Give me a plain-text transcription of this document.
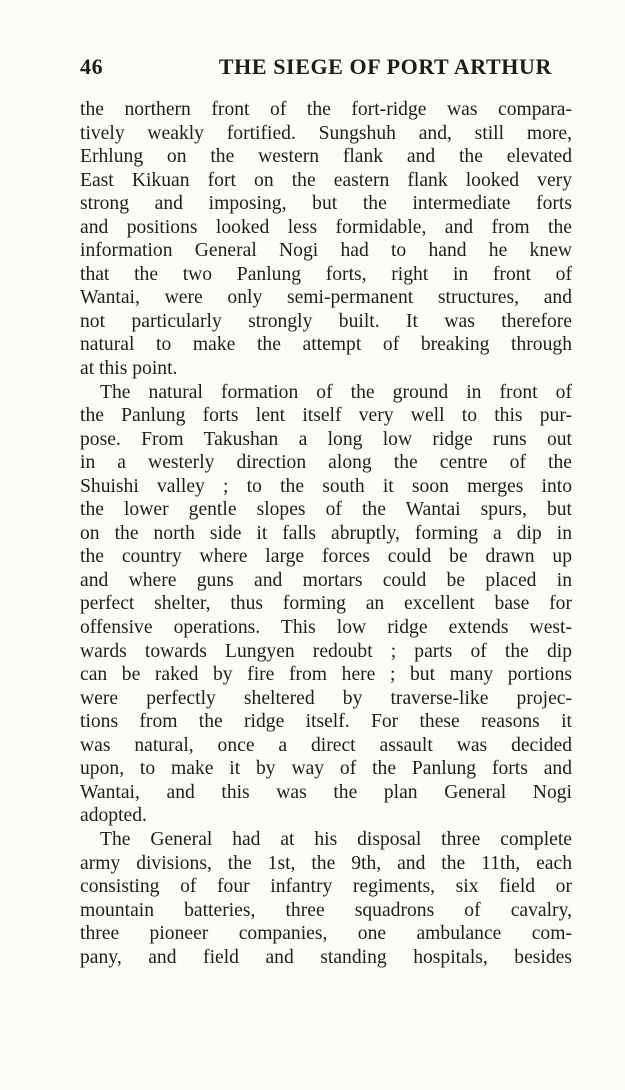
46	THE SIEGE OF PORT ARTHUR
the northern front of the fort-ridge was compara-
tively weakly fortified. Sungshuh and, still more,
Erhlung on the western flank and the elevated
East Kikuan fort on the eastern flank looked very
strong and imposing, but the intermediate forts
and positions looked less formidable, and from the
information General Nogi had to hand he knew
that the two Panlung forts, right in front of
Wantai, were only semi-permanent structures, and
not particularly strongly built. It was therefore
natural to make the attempt of breaking through
at this point.
The natural formation of the ground in front of
the Panlung forts lent itself very well to this pur-
pose. From Takushan a long low ridge runs out
in a westerly direction along the centre of the
Shuishi valley ; to the south it soon merges into
the lower gentle slopes of the Wantai spurs, but
on the north side it falls abruptly, forming a dip in
the country where large forces could be drawn up
and where guns and mortars could be placed in
perfect shelter, thus forming an excellent base for
offensive operations. This low ridge extends west-
wards towards Lungyen redoubt ; parts of the dip
can be raked by fire from here ; but many portions
were perfectly sheltered by traverse-like projec-
tions from the ridge itself. For these reasons it
was natural, once a direct assault was decided
upon, to make it by way of the Panlung forts and
Wantai, and this was the plan General Nogi
adopted.
The General had at his disposal three complete
army divisions, the 1st, the 9th, and the 11th, each
consisting of four infantry regiments, six field or
mountain batteries, three squadrons of cavalry,
three pioneer companies, one ambulance com-
pany, and field and standing hospitals, besides
